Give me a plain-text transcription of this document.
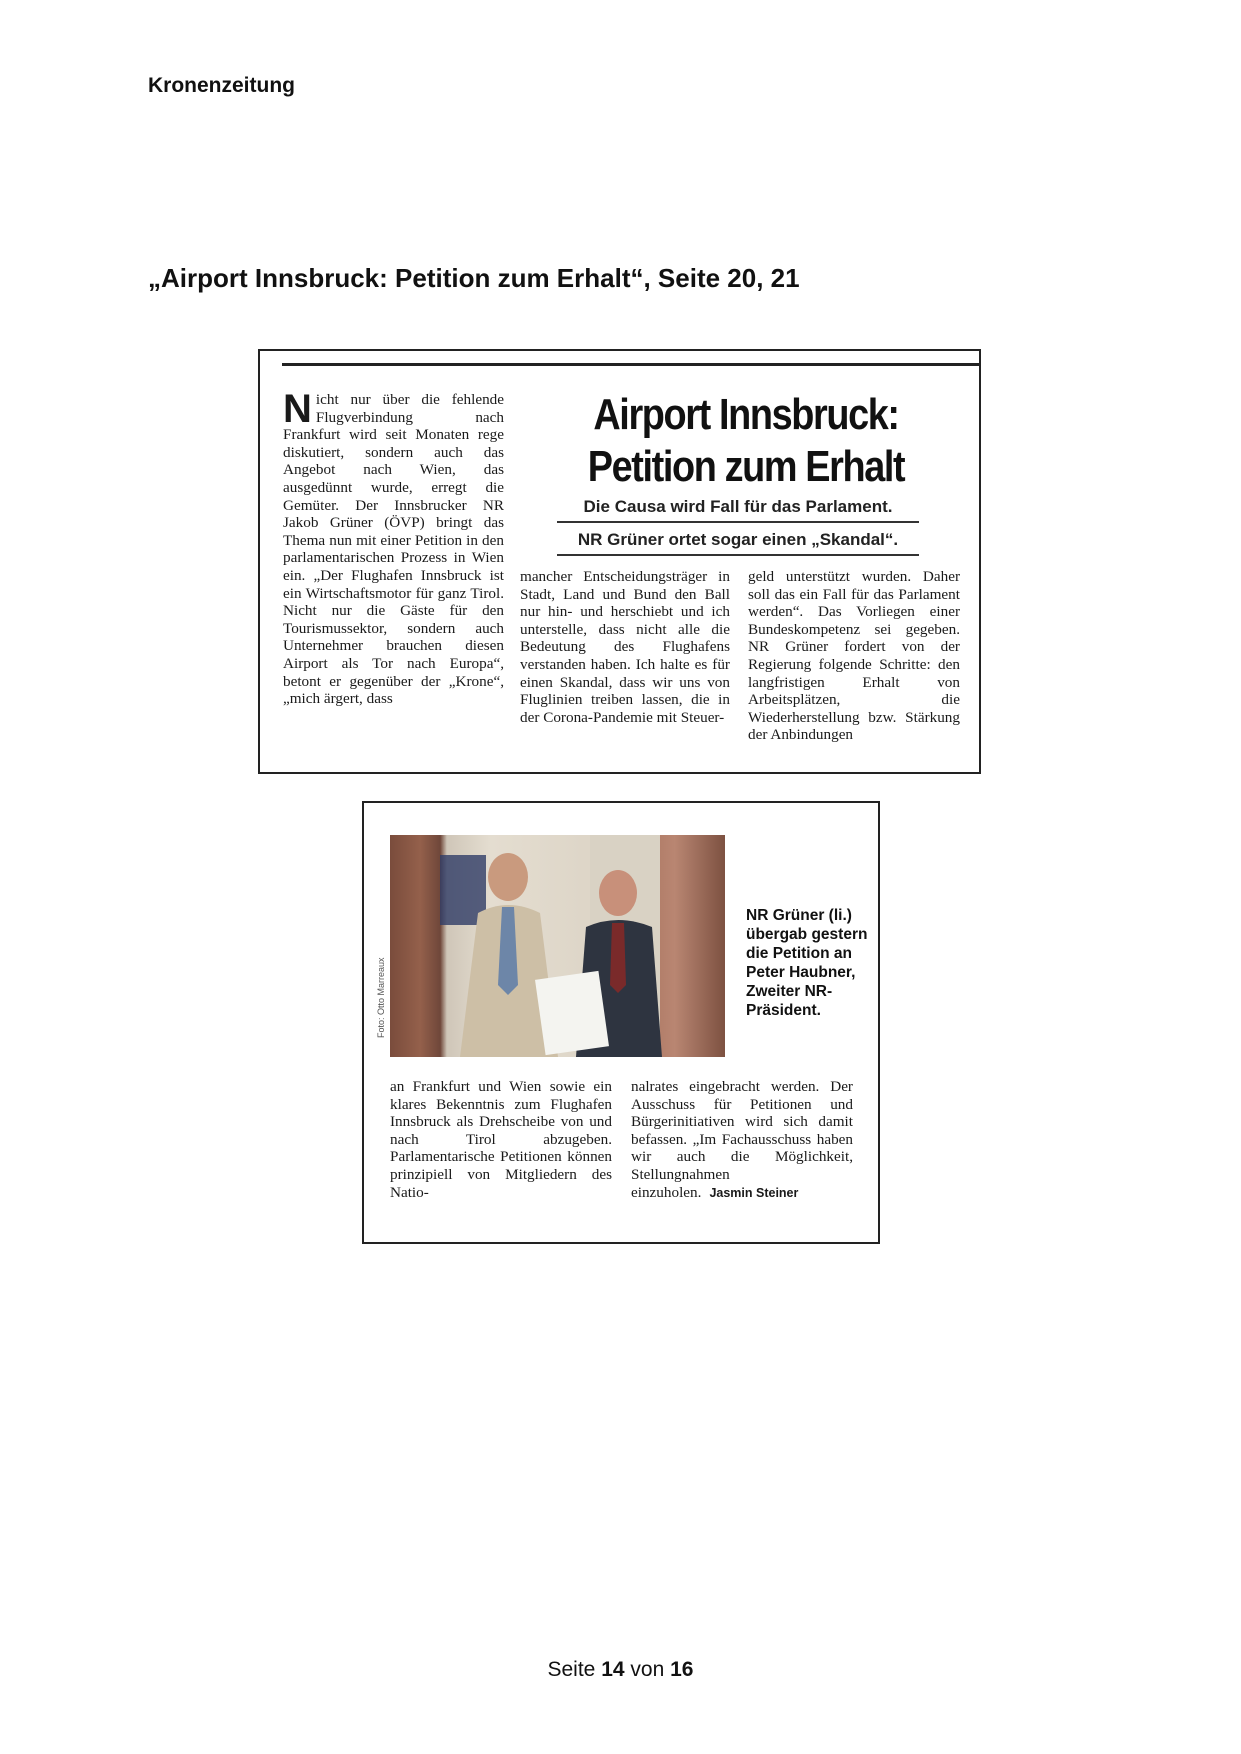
Kronenzeitung
„Airport Innsbruck: Petition zum Erhalt“, Seite 20, 21

Nicht nur über die fehlende Flugverbindung nach Frankfurt wird seit Monaten rege diskutiert, sondern auch das Angebot nach Wien, das ausgedünnt wurde, erregt die Gemüter. Der Innsbrucker NR Jakob Grüner (ÖVP) bringt das Thema nun mit einer Petition in den parlamentarischen Prozess in Wien ein. „Der Flughafen Innsbruck ist ein Wirtschaftsmotor für ganz Tirol. Nicht nur die Gäste für den Tourismussektor, sondern auch Unternehmer brauchen diesen Airport als Tor nach Europa“, betont er gegenüber der „Krone“, „mich ärgert, dass

Airport Innsbruck:
Petition zum Erhalt
Die Causa wird Fall für das Parlament.
NR Grüner ortet sogar einen „Skandal“.

mancher Entscheidungsträger in Stadt, Land und Bund den Ball nur hin- und herschiebt und ich unterstelle, dass nicht alle die Bedeutung des Flughafens verstanden haben. Ich halte es für einen Skandal, dass wir uns von Fluglinien treiben lassen, die in der Corona-Pandemie mit Steuer-

geld unterstützt wurden. Daher soll das ein Fall für das Parlament werden“. Das Vorliegen einer Bundeskompetenz sei gegeben. NR Grüner fordert von der Regierung folgende Schritte: den langfristigen Erhalt von Arbeitsplätzen, die Wiederherstellung bzw. Stärkung der Anbindungen

Foto: Otto Marreaux
NR Grüner (li.) übergab gestern die Petition an Peter Haubner, Zweiter NR-Präsident.

an Frankfurt und Wien sowie ein klares Bekenntnis zum Flughafen Innsbruck als Drehscheibe von und nach Tirol abzugeben. Parlamentarische Petitionen können prinzipiell von Mitgliedern des Natio-

nalrates eingebracht werden. Der Ausschuss für Petitionen und Bürgerinitiativen wird sich damit befassen. „Im Fachausschuss haben wir auch die Möglichkeit, Stellungnahmen einzuholen. Jasmin Steiner

Seite 14 von 16
